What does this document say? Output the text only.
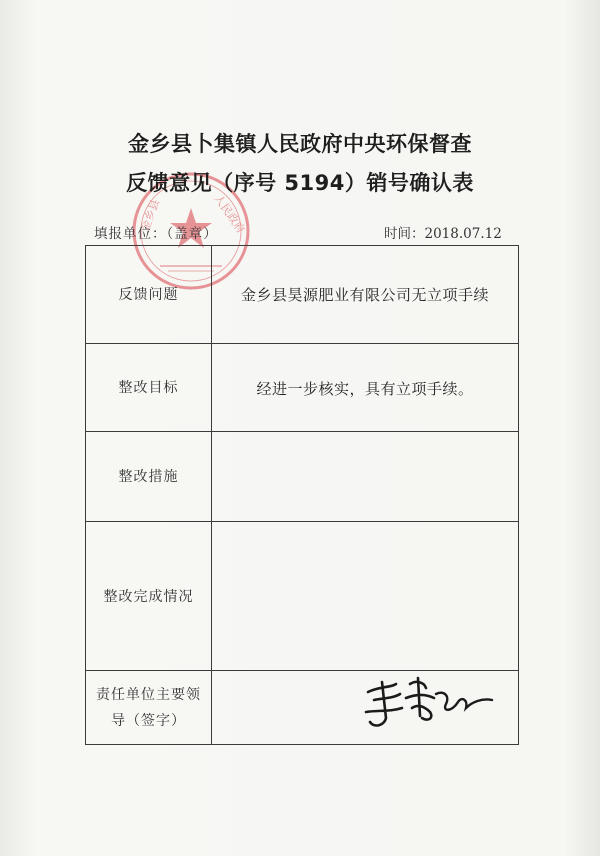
金乡县	人民政府
金乡县卜集镇人民政府中央环保督查
反馈意见（序号 5194）销号确认表
填报单位：（盖章）	时间：2018.07.12
反馈问题	金乡县昊源肥业有限公司无立项手续
整改目标	经进一步核实，具有立项手续。
整改措施
整改完成情况
责任单位主要领导（签字）
